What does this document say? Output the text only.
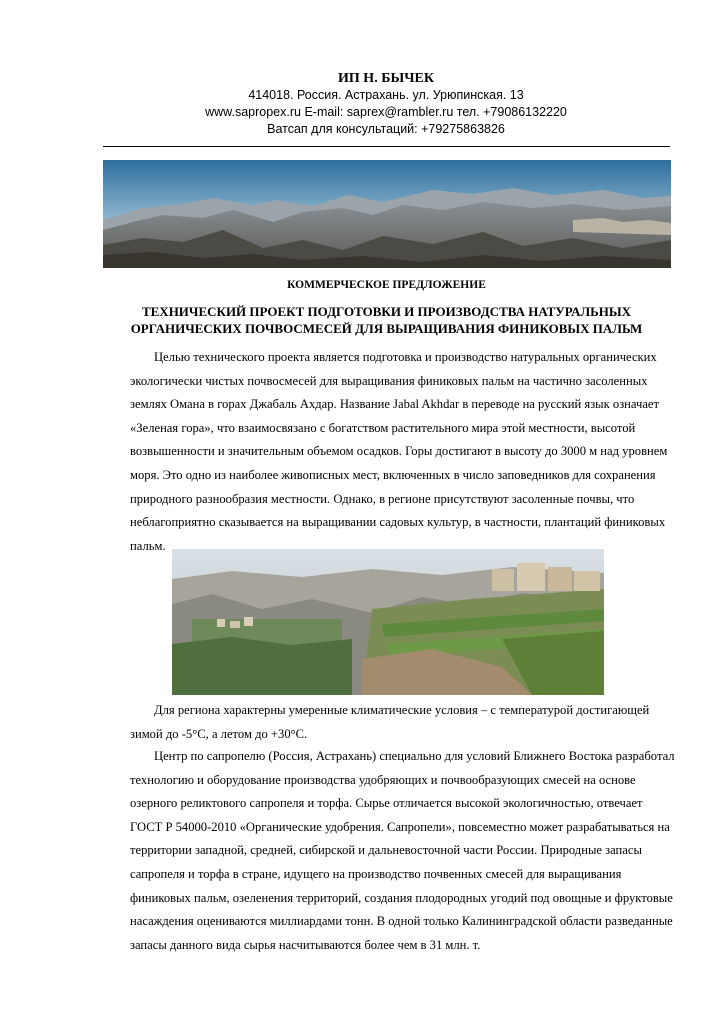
ИП Н. БЫЧЕК
414018. Россия. Астрахань. ул. Урюпинская. 13
www.sapropex.ru E-mail: saprex@rambler.ru тел. +79086132220
Ватсап для консультаций: +79275863826
КОММЕРЧЕСКОЕ ПРЕДЛОЖЕНИЕ
ТЕХНИЧЕСКИЙ ПРОЕКТ ПОДГОТОВКИ И ПРОИЗВОДСТВА НАТУРАЛЬНЫХ
ОРГАНИЧЕСКИХ ПОЧВОСМЕСЕЙ ДЛЯ ВЫРАЩИВАНИЯ ФИНИКОВЫХ ПАЛЬМ

Целью технического проекта является подготовка и производство натуральных органических экологически чистых почвосмесей для выращивания финиковых пальм на частично засоленных землях Омана в горах Джабаль Ахдар. Название Jabal Akhdar в переводе на русский язык означает «Зеленая гора», что взаимосвязано с богатством растительного мира этой местности, высотой возвышенности и значительным объемом осадков. Горы достигают в высоту до 3000 м над уровнем моря. Это одно из наиболее живописных мест, включенных в число заповедников для сохранения природного разнообразия местности. Однако, в регионе присутствуют засоленные почвы, что неблагоприятно сказывается на выращивании садовых культур, в частности, плантаций финиковых пальм.

Для региона характерны умеренные климатические условия – с температурой достигающей зимой до -5°С, а летом до +30°С.

Центр по сапропелю (Россия, Астрахань) специально для условий Ближнего Востока разработал технологию и оборудование производства удобряющих и почвообразующих смесей на основе озерного реликтового сапропеля и торфа. Сырье отличается высокой экологичностью, отвечает ГОСТ Р 54000-2010 «Органические удобрения. Сапропели», повсеместно может разрабатываться на территории западной, средней, сибирской и дальневосточной части России. Природные запасы сапропеля и торфа в стране, идущего на производство почвенных смесей для выращивания финиковых пальм, озеленения территорий, создания плодородных угодий под овощные и фруктовые насаждения оцениваются миллиардами тонн. В одной только Калининградской области разведанные запасы данного вида сырья насчитываются более чем в 31 млн. т.
